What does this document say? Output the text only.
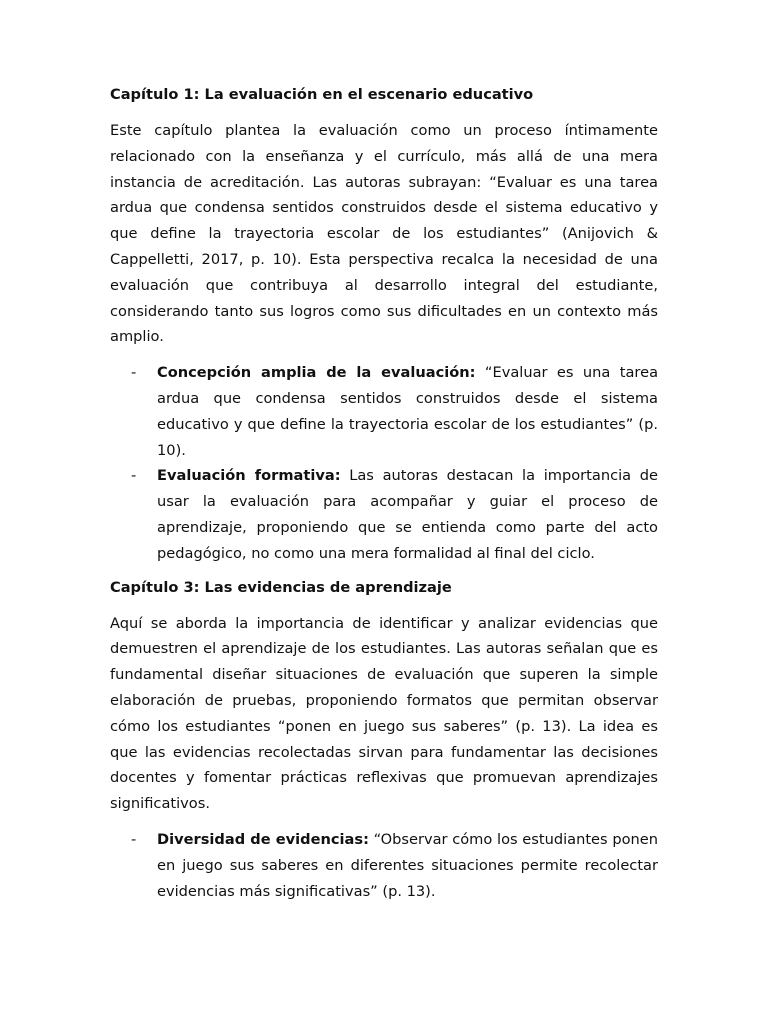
Capítulo 1: La evaluación en el escenario educativo

Este capítulo plantea la evaluación como un proceso íntimamente relacionado con la enseñanza y el currículo, más allá de una mera instancia de acreditación. Las autoras subrayan: “Evaluar es una tarea ardua que condensa sentidos construidos desde el sistema educativo y que define la trayectoria escolar de los estudiantes” (Anijovich & Cappelletti, 2017, p. 10). Esta perspectiva recalca la necesidad de una evaluación que contribuya al desarrollo integral del estudiante, considerando tanto sus logros como sus dificultades en un contexto más amplio.

- Concepción amplia de la evaluación: “Evaluar es una tarea ardua que condensa sentidos construidos desde el sistema educativo y que define la trayectoria escolar de los estudiantes” (p. 10).
- Evaluación formativa: Las autoras destacan la importancia de usar la evaluación para acompañar y guiar el proceso de aprendizaje, proponiendo que se entienda como parte del acto pedagógico, no como una mera formalidad al final del ciclo.
Capítulo 3: Las evidencias de aprendizaje

Aquí se aborda la importancia de identificar y analizar evidencias que demuestren el aprendizaje de los estudiantes. Las autoras señalan que es fundamental diseñar situaciones de evaluación que superen la simple elaboración de pruebas, proponiendo formatos que permitan observar cómo los estudiantes “ponen en juego sus saberes” (p. 13). La idea es que las evidencias recolectadas sirvan para fundamentar las decisiones docentes y fomentar prácticas reflexivas que promuevan aprendizajes significativos.

- Diversidad de evidencias: “Observar cómo los estudiantes ponen en juego sus saberes en diferentes situaciones permite recolectar evidencias más significativas” (p. 13).
